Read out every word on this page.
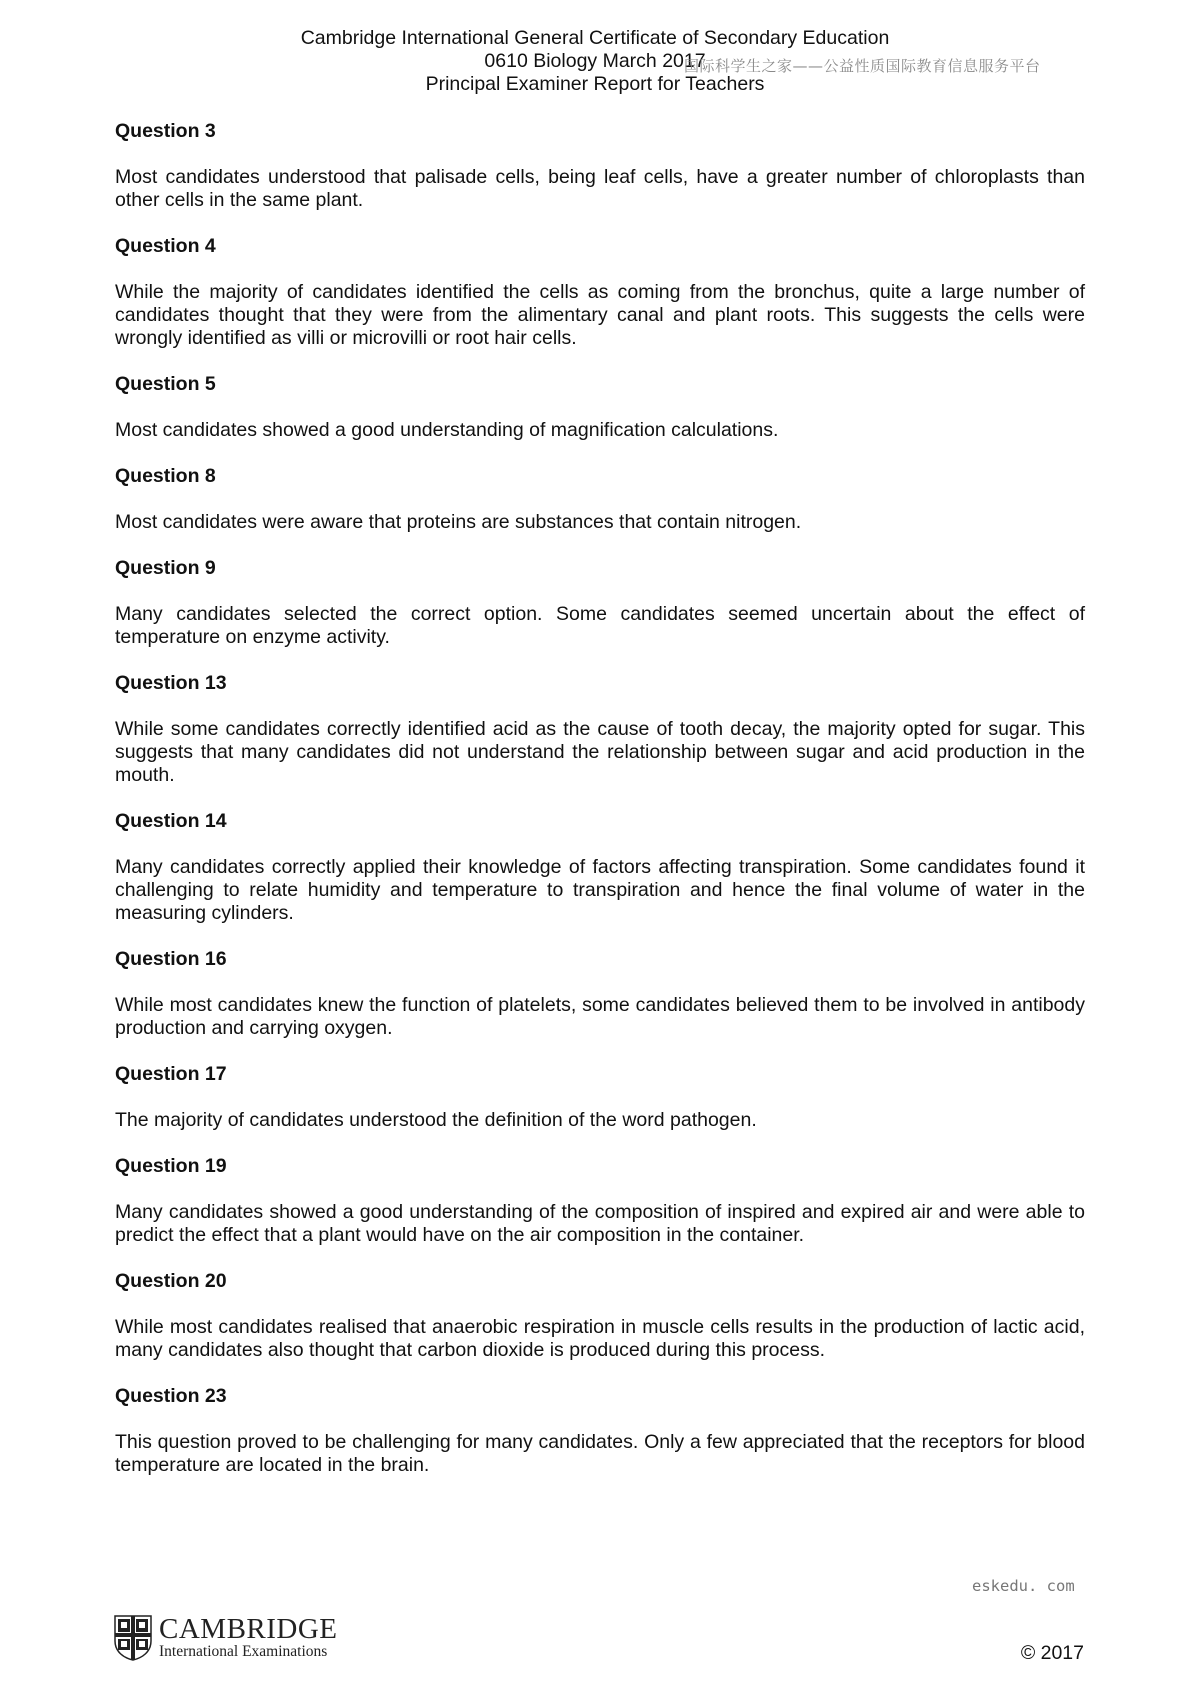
Cambridge International General Certificate of Secondary Education
0610 Biology March 2017
Principal Examiner Report for Teachers
国际科学生之家——公益性质国际教育信息服务平台

Question 3

Most candidates understood that palisade cells, being leaf cells, have a greater number of chloroplasts than other cells in the same plant.

Question 4

While the majority of candidates identified the cells as coming from the bronchus, quite a large number of candidates thought that they were from the alimentary canal and plant roots. This suggests the cells were wrongly identified as villi or microvilli or root hair cells.

Question 5

Most candidates showed a good understanding of magnification calculations.

Question 8

Most candidates were aware that proteins are substances that contain nitrogen.

Question 9

Many candidates selected the correct option. Some candidates seemed uncertain about the effect of temperature on enzyme activity.

Question 13

While some candidates correctly identified acid as the cause of tooth decay, the majority opted for sugar. This suggests that many candidates did not understand the relationship between sugar and acid production in the mouth.

Question 14

Many candidates correctly applied their knowledge of factors affecting transpiration. Some candidates found it challenging to relate humidity and temperature to transpiration and hence the final volume of water in the measuring cylinders.

Question 16

While most candidates knew the function of platelets, some candidates believed them to be involved in antibody production and carrying oxygen.

Question 17

The majority of candidates understood the definition of the word pathogen.

Question 19

Many candidates showed a good understanding of the composition of inspired and expired air and were able to predict the effect that a plant would have on the air composition in the container.

Question 20

While most candidates realised that anaerobic respiration in muscle cells results in the production of lactic acid, many candidates also thought that carbon dioxide is produced during this process.

Question 23

This question proved to be challenging for many candidates. Only a few appreciated that the receptors for blood temperature are located in the brain.

eskedu. com
CAMBRIDGE
International Examinations	© 2017
